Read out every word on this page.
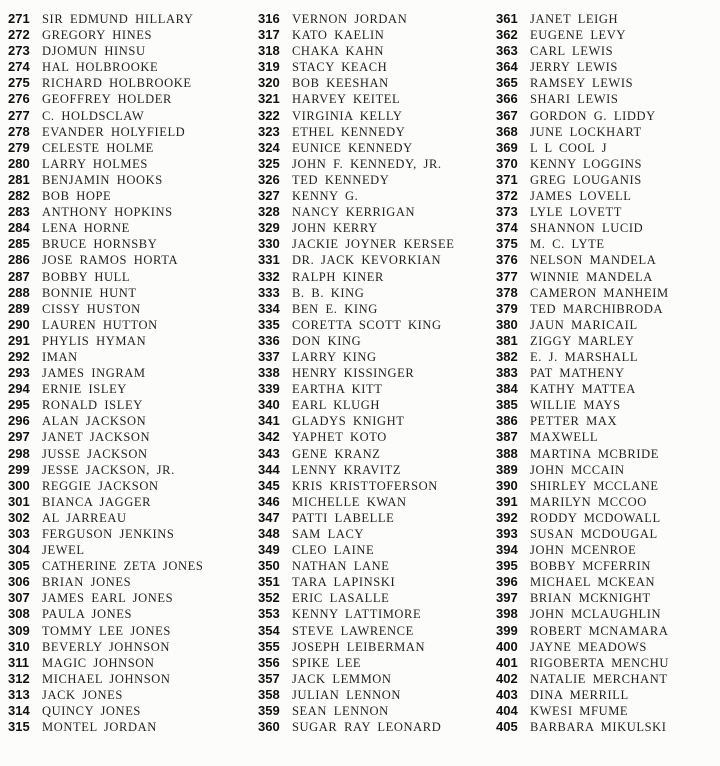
271 SIR EDMUND HILLARY
272 GREGORY HINES
273 DJOMUN HINSU
274 HAL HOLBROOKE
275 RICHARD HOLBROOKE
276 GEOFFREY HOLDER
277 C. HOLDSCLAW
278 EVANDER HOLYFIELD
279 CELESTE HOLME
280 LARRY HOLMES
281 BENJAMIN HOOKS
282 BOB HOPE
283 ANTHONY HOPKINS
284 LENA HORNE
285 BRUCE HORNSBY
286 JOSE RAMOS HORTA
287 BOBBY HULL
288 BONNIE HUNT
289 CISSY HUSTON
290 LAUREN HUTTON
291 PHYLIS HYMAN
292 IMAN
293 JAMES INGRAM
294 ERNIE ISLEY
295 RONALD ISLEY
296 ALAN JACKSON
297 JANET JACKSON
298 JUSSE JACKSON
299 JESSE JACKSON, JR.
300 REGGIE JACKSON
301 BIANCA JAGGER
302 AL JARREAU
303 FERGUSON JENKINS
304 JEWEL
305 CATHERINE ZETA JONES
306 BRIAN JONES
307 JAMES EARL JONES
308 PAULA JONES
309 TOMMY LEE JONES
310 BEVERLY JOHNSON
311 MAGIC JOHNSON
312 MICHAEL JOHNSON
313 JACK JONES
314 QUINCY JONES
315 MONTEL JORDAN
316 VERNON JORDAN
317 KATO KAELIN
318 CHAKA KAHN
319 STACY KEACH
320 BOB KEESHAN
321 HARVEY KEITEL
322 VIRGINIA KELLY
323 ETHEL KENNEDY
324 EUNICE KENNEDY
325 JOHN F. KENNEDY, JR.
326 TED KENNEDY
327 KENNY G.
328 NANCY KERRIGAN
329 JOHN KERRY
330 JACKIE JOYNER KERSEE
331 DR. JACK KEVORKIAN
332 RALPH KINER
333 B. B. KING
334 BEN E. KING
335 CORETTA SCOTT KING
336 DON KING
337 LARRY KING
338 HENRY KISSINGER
339 EARTHA KITT
340 EARL KLUGH
341 GLADYS KNIGHT
342 YAPHET KOTO
343 GENE KRANZ
344 LENNY KRAVITZ
345 KRIS KRISTTOFERSON
346 MICHELLE KWAN
347 PATTI LABELLE
348 SAM LACY
349 CLEO LAINE
350 NATHAN LANE
351 TARA LAPINSKI
352 ERIC LASALLE
353 KENNY LATTIMORE
354 STEVE LAWRENCE
355 JOSEPH LEIBERMAN
356 SPIKE LEE
357 JACK LEMMON
358 JULIAN LENNON
359 SEAN LENNON
360 SUGAR RAY LEONARD
361 JANET LEIGH
362 EUGENE LEVY
363 CARL LEWIS
364 JERRY LEWIS
365 RAMSEY LEWIS
366 SHARI LEWIS
367 GORDON G. LIDDY
368 JUNE LOCKHART
369 L L COOL J
370 KENNY LOGGINS
371 GREG LOUGANIS
372 JAMES LOVELL
373 LYLE LOVETT
374 SHANNON LUCID
375 M. C. LYTE
376 NELSON MANDELA
377 WINNIE MANDELA
378 CAMERON MANHEIM
379 TED MARCHIBRODA
380 JAUN MARICAIL
381 ZIGGY MARLEY
382 E. J. MARSHALL
383 PAT MATHENY
384 KATHY MATTEA
385 WILLIE MAYS
386 PETTER MAX
387 MAXWELL
388 MARTINA MCBRIDE
389 JOHN MCCAIN
390 SHIRLEY MCCLANE
391 MARILYN MCCOO
392 RODDY MCDOWALL
393 SUSAN MCDOUGAL
394 JOHN MCENROE
395 BOBBY MCFERRIN
396 MICHAEL MCKEAN
397 BRIAN MCKNIGHT
398 JOHN MCLAUGHLIN
399 ROBERT MCNAMARA
400 JAYNE MEADOWS
401 RIGOBERTA MENCHU
402 NATALIE MERCHANT
403 DINA MERRILL
404 KWESI MFUME
405 BARBARA MIKULSKI
